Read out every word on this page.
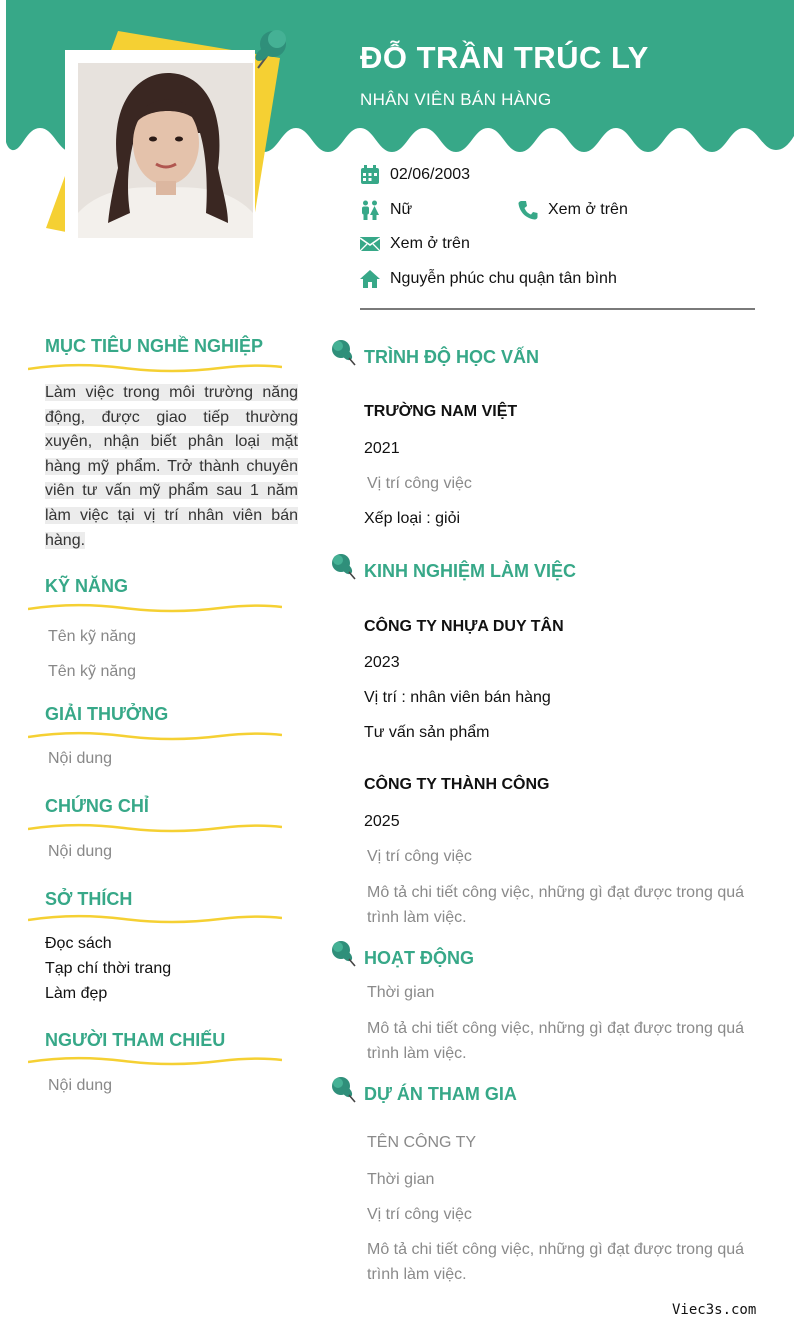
ĐỖ TRẦN TRÚC LY
NHÂN VIÊN BÁN HÀNG
02/06/2003
Nữ	Xem ở trên
Xem ở trên
Nguyễn phúc chu quận tân bình
MỤC TIÊU NGHỀ NGHIỆP
Làm việc trong môi trường năng động, được giao tiếp thường xuyên, nhận biết phân loại mặt hàng mỹ phẩm. Trở thành chuyên viên tư vấn mỹ phẩm sau 1 năm làm việc tại vị trí nhân viên bán hàng.
KỸ NĂNG
Tên kỹ năng
Tên kỹ năng
GIẢI THƯỞNG
Nội dung
CHỨNG CHỈ
Nội dung
SỞ THÍCH
Đọc sách
Tạp chí thời trang
Làm đẹp
NGƯỜI THAM CHIẾU
Nội dung
TRÌNH ĐỘ HỌC VẤN
TRƯỜNG NAM VIỆT
2021
Vị trí công việc
Xếp loại : giỏi
KINH NGHIỆM LÀM VIỆC
CÔNG TY NHỰA DUY TÂN
2023
Vị trí : nhân viên bán hàng
Tư vấn sản phẩm
CÔNG TY THÀNH CÔNG
2025
Vị trí công việc
Mô tả chi tiết công việc, những gì đạt được trong quá trình làm việc.
HOẠT ĐỘNG
Thời gian
Mô tả chi tiết công việc, những gì đạt được trong quá trình làm việc.
DỰ ÁN THAM GIA
TÊN CÔNG TY
Thời gian
Vị trí công việc
Mô tả chi tiết công việc, những gì đạt được trong quá trình làm việc.
Viec3s.com
